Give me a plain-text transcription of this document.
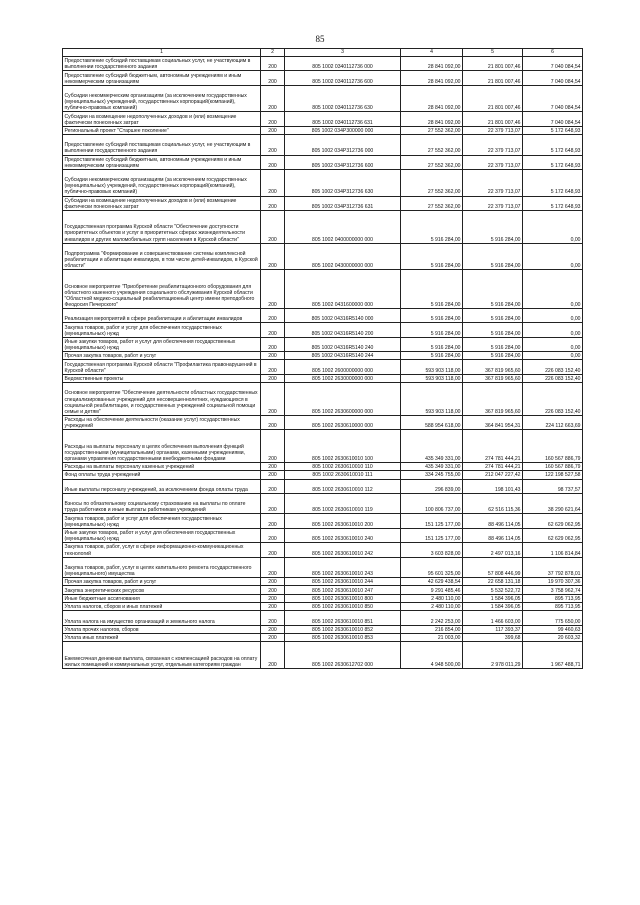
85
1	2	3	4	5	6
Предоставление субсидий поставщикам социальных услуг, не участвующим в выполнении государственного задания	200	805 1002 0340112736 000	28 841 092,00	21 801 007,46	7 040 084,54
Предоставление субсидий бюджетным, автономным учреждениям и иным некоммерческим организациям	200	805 1002 0340112736 600	28 841 092,00	21 801 007,46	7 040 084,54
Субсидии некоммерческим организациям (за исключением государственных (муниципальных) учреждений, государственных корпораций(компаний), публично-правовых компаний)	200	805 1002 0340112736 630	28 841 092,00	21 801 007,46	7 040 084,54
Субсидии на возмещение недополученных доходов и (или) возмещение фактически понесенных затрат	200	805 1002 0340112736 631	28 841 092,00	21 801 007,46	7 040 084,54
Региональный проект "Старшее поколение"	200	805 1002 034P300000 000	27 552 362,00	22 379 713,07	5 172 648,93
Предоставление субсидий поставщикам социальных услуг, не участвующим в выполнении государственного задания	200	805 1002 034P312736 000	27 552 362,00	22 379 713,07	5 172 648,93
Предоставление субсидий бюджетным, автономным учреждениям и иным некоммерческим организациям	200	805 1002 034P312736 600	27 552 362,00	22 379 713,07	5 172 648,93
Субсидии некоммерческим организациям (за исключением государственных (муниципальных) учреждений, государственных корпораций(компаний), публично-правовых компаний)	200	805 1002 034P312736 630	27 552 362,00	22 379 713,07	5 172 648,93
Субсидии на возмещение недополученных доходов и (или) возмещение фактически понесенных затрат	200	805 1002 034P312736 631	27 552 362,00	22 379 713,07	5 172 648,93
Государственная программа Курской области "Обеспечение доступности приоритетных объектов и услуг в приоритетных сферах жизнедеятельности инвалидов и других маломобильных групп населения в Курской области"	200	805 1002 0400000000 000	5 916 284,00	5 916 284,00	0,00
Подпрограмма "Формирование и совершенствование системы комплексной реабилитации и абилитации инвалидов, в том числе детей-инвалидов, в Курской области"	200	805 1002 0430000000 000	5 916 284,00	5 916 284,00	0,00
Основное мероприятие "Приобретение реабилитационного оборудования для областного казенного учреждения социального обслуживания Курской области "Областной медико-социальный реабилитационный центр имени преподобного Феодосия Печерского"	200	805 1002 0431600000 000	5 916 284,00	5 916 284,00	0,00
Реализация мероприятий в сфере реабилитации и абилитации инвалидов	200	805 1002 04316R5140 000	5 916 284,00	5 916 284,00	0,00
Закупка товаров, работ и услуг для обеспечения государственных (муниципальных) нужд	200	805 1002 04316R5140 200	5 916 284,00	5 916 284,00	0,00
Иные закупки товаров, работ и услуг для обеспечения государственных (муниципальных) нужд	200	805 1002 04316R5140 240	5 916 284,00	5 916 284,00	0,00
Прочая закупка товаров, работ и услуг	200	805 1002 04316R5140 244	5 916 284,00	5 916 284,00	0,00
Государственная программа Курской области "Профилактика правонарушений в Курской области"	200	805 1002 2600000000 000	593 903 118,00	367 819 965,60	226 083 152,40
Ведомственные проекты	200	805 1002 2630000000 000	593 903 118,00	367 819 965,60	226 083 152,40
Основное мероприятие "Обеспечение деятельности областных государственных специализированных учреждений для несовершеннолетних, нуждающихся в социальной реабилитации, и государственных учреждений социальной помощи семье и детям"	200	805 1002 2630600000 000	593 903 118,00	367 819 965,60	226 083 152,40
Расходы на обеспечение деятельности (оказание услуг) государственных учреждений	200	805 1002 2630610000 000	588 954 618,00	364 841 954,31	224 112 663,69
Расходы на выплаты персоналу в целях обеспечения выполнения функций государственными (муниципальными) органами, казенными учреждениями, органами управления государственными внебюджетными фондами	200	805 1002 2630610010 100	435 349 331,00	274 781 444,21	160 567 886,79
Расходы на выплаты персоналу казенных учреждений	200	805 1002 2630610010 110	435 349 331,00	274 781 444,21	160 567 886,79
Фонд оплаты труда учреждений	200	805 1002 2630610010 111	334 245 755,00	212 047 227,42	122 198 527,58
Иные выплаты персоналу учреждений, за исключением фонда оплаты труда	200	805 1002 2630610010 112	296 839,00	198 101,43	98 737,57
Взносы по обязательному социальному страхованию на выплаты по оплате труда работников и иные выплаты работникам учреждений	200	805 1002 2630610010 119	100 806 737,00	62 516 115,36	38 290 621,64
Закупка товаров, работ и услуг для обеспечения государственных (муниципальных) нужд	200	805 1002 2630610010 200	151 125 177,00	88 496 114,05	62 629 062,95
Иные закупки товаров, работ и услуг для обеспечения государственных (муниципальных) нужд	200	805 1002 2630610010 240	151 125 177,00	88 496 114,05	62 629 062,95
Закупка товаров, работ, услуг в сфере информационно-коммуникационных технологий	200	805 1002 2630610010 242	3 603 828,00	2 497 013,16	1 106 814,84
Закупка товаров, работ, услуг в целях капитального ремонта государственного (муниципального) имущества	200	805 1002 2630610010 243	95 601 325,00	57 808 446,99	37 792 878,01
Прочая закупка товаров, работ и услуг	200	805 1002 2630610010 244	42 629 438,54	22 658 131,18	19 970 307,36
Закупка энергетических ресурсов	200	805 1002 2630610010 247	9 291 485,46	5 532 522,72	3 758 962,74
Иные бюджетные ассигнования	200	805 1002 2630610010 800	2 480 110,00	1 584 396,05	895 713,95
Уплата налогов, сборов и иных платежей	200	805 1002 2630610010 850	2 480 110,00	1 584 396,05	895 713,95
Уплата налога на имущество организаций и земельного налога	200	805 1002 2630610010 851	2 242 253,00	1 466 603,00	775 650,00
Уплата прочих налогов, сборов	200	805 1002 2630610010 852	216 854,00	117 393,37	99 460,63
Уплата иных платежей	200	805 1002 2630610010 853	21 003,00	399,68	20 603,32
Ежемесячная денежная выплата, связанная с компенсацией расходов на оплату жилых помещений и коммунальных услуг, отдельным категориям граждан	200	805 1002 2630612702 000	4 948 500,00	2 978 011,29	1 967 488,71
